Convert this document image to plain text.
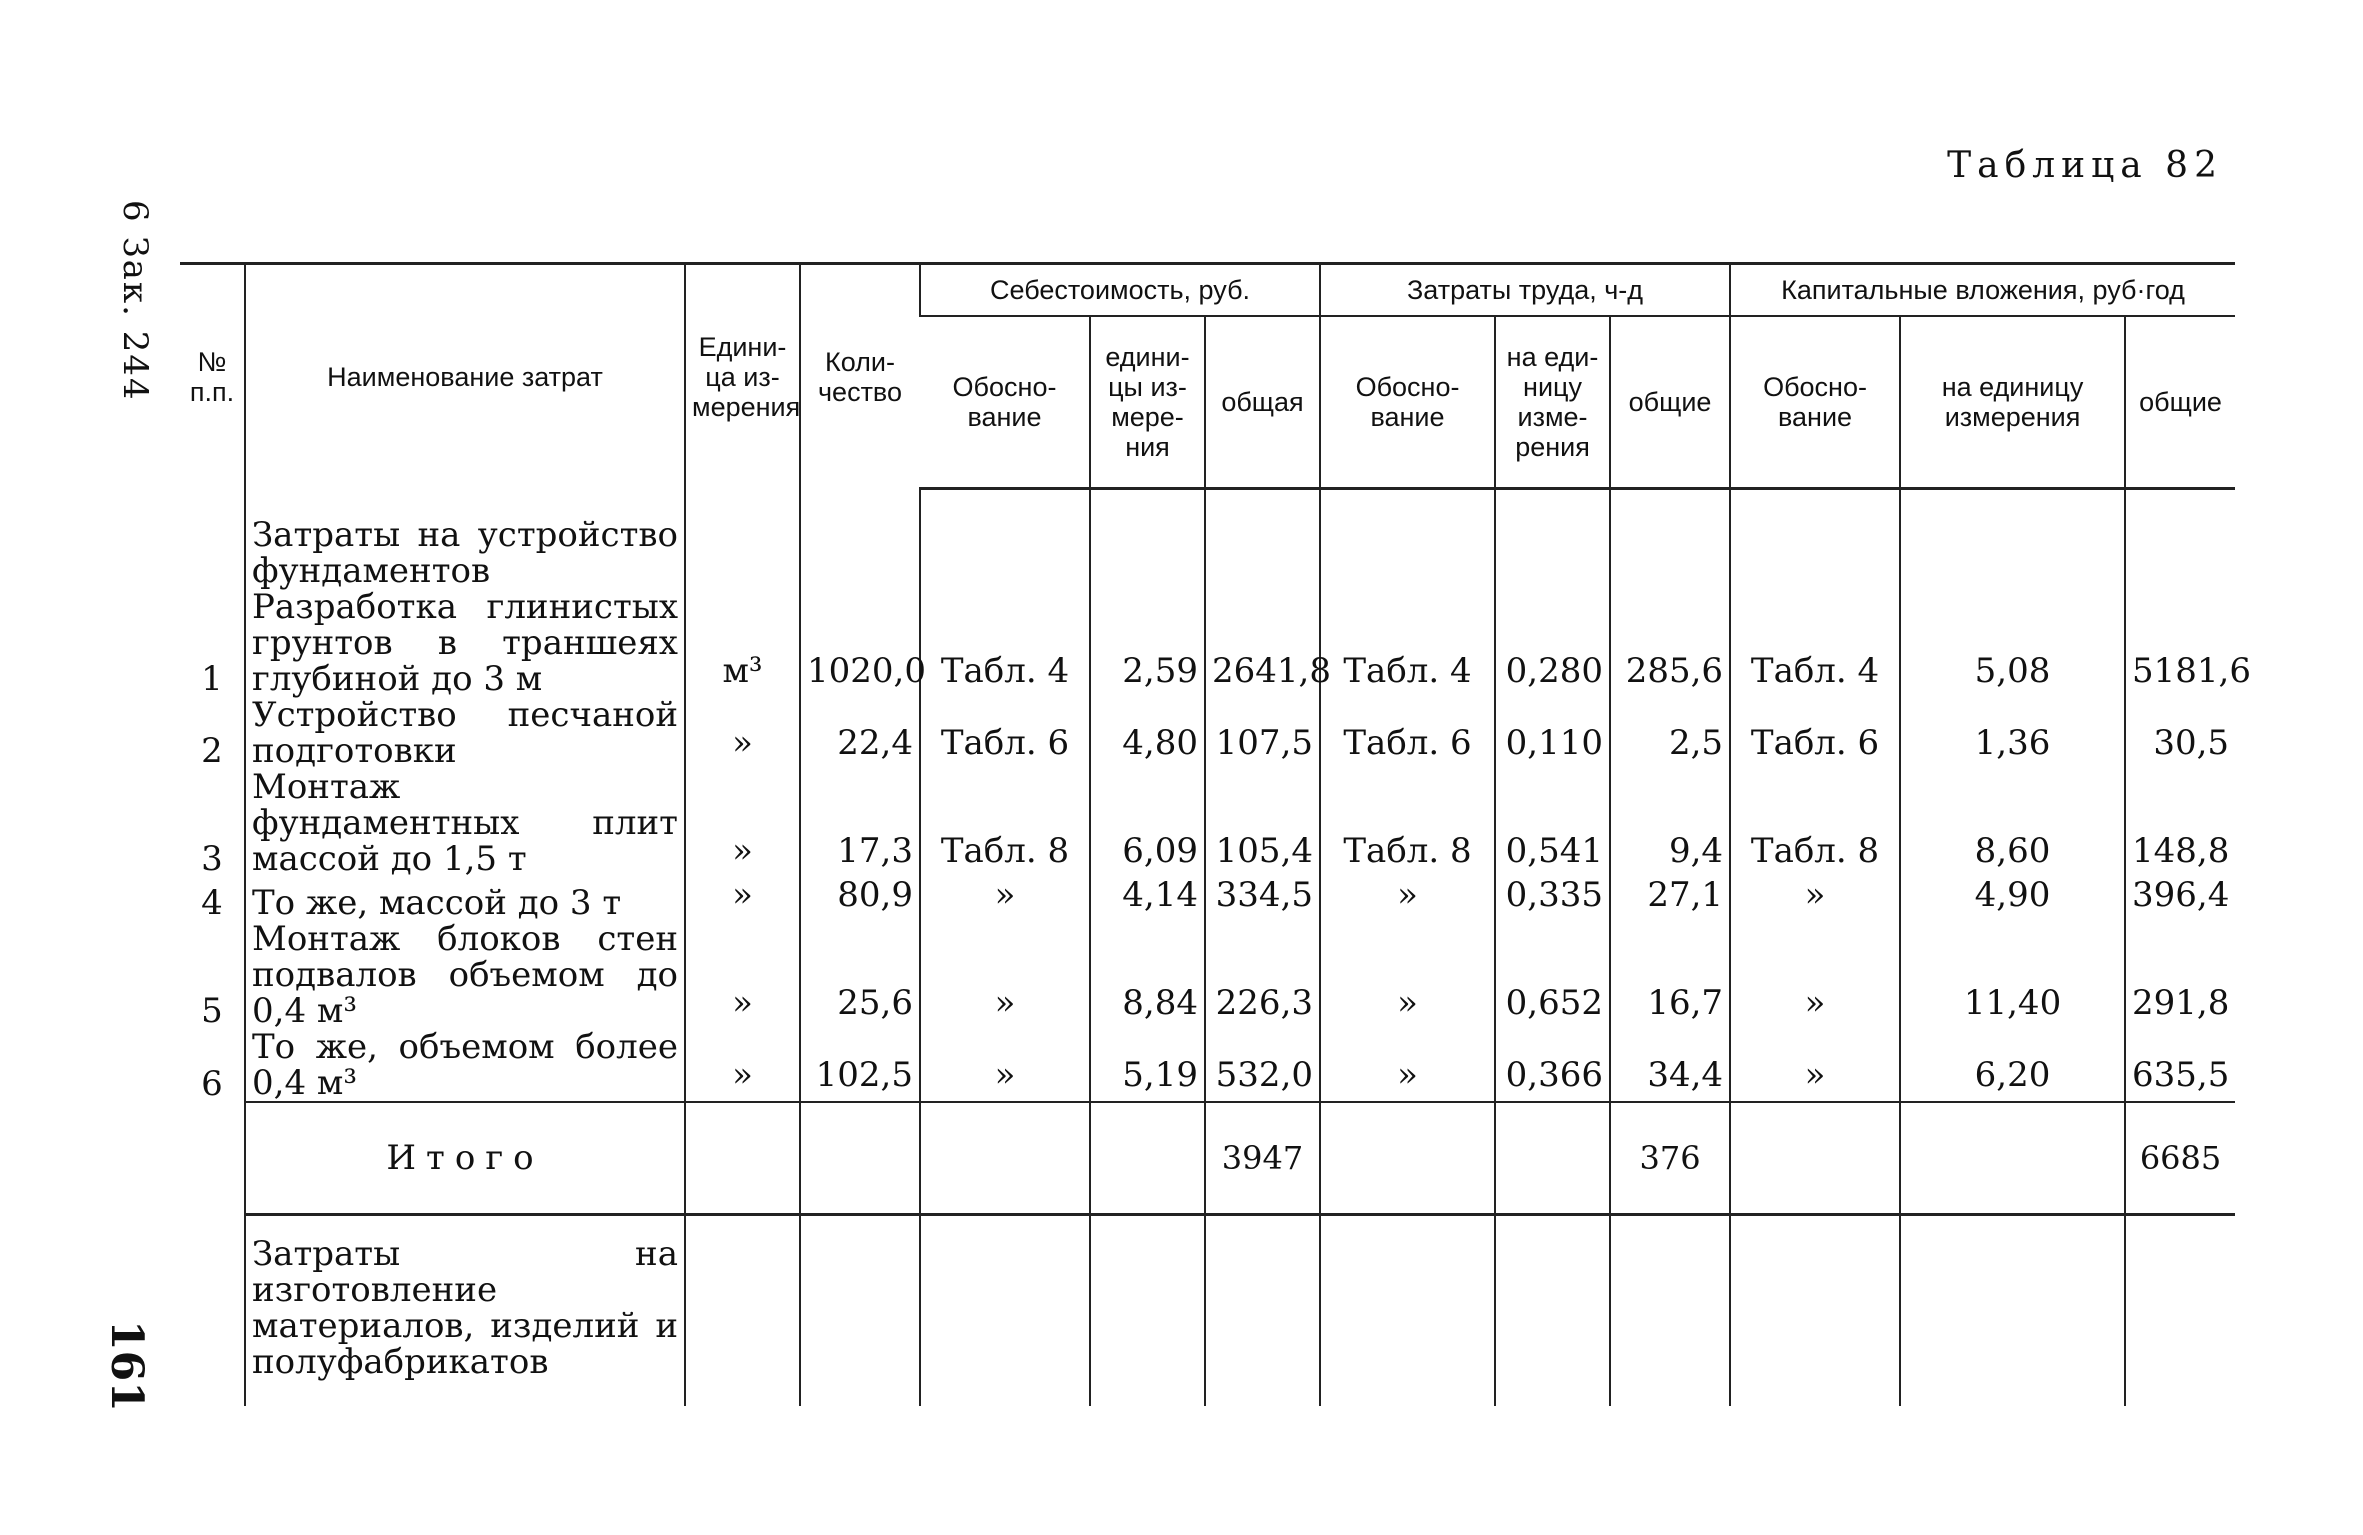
6 Зак. 244
161
Таблица 82
№ п.п.	Наименование затрат	Едини-ца из-мерения	Коли-чество	Себестоимость, руб.			Затраты труда, ч-д			Капитальные вложения, руб·год		
				Обосно-вание	едини-цы из-мере-ния	общая	Обосно-вание	на еди-ницу изме-рения	общие	Обосно-вание	на единицу измерения	общие
	Затраты на устройство фундаментов											
1	Разработка глинистых грунтов в траншеях глубиной до 3 м	м³	1020,0	Табл. 4	2,59	2641,8	Табл. 4	0,280	285,6	Табл. 4	5,08	5181,6
2	Устройство песчаной подготовки	»	22,4	Табл. 6	4,80	107,5	Табл. 6	0,110	2,5	Табл. 6	1,36	30,5
3	Монтаж фундаментных плит массой до 1,5 т	»	17,3	Табл. 8	6,09	105,4	Табл. 8	0,541	9,4	Табл. 8	8,60	148,8
4	То же, массой до 3 т	»	80,9	»	4,14	334,5	»	0,335	27,1	»	4,90	396,4
5	Монтаж блоков стен подвалов объемом до 0,4 м³	»	25,6	»	8,84	226,3	»	0,652	16,7	»	11,40	291,8
6	То же, объемом более 0,4 м³	»	102,5	»	5,19	532,0	»	0,366	34,4	»	6,20	635,5
	Итого					3947			376			6685
	Затраты на изготовление материалов, изделий и полуфабрикатов											
